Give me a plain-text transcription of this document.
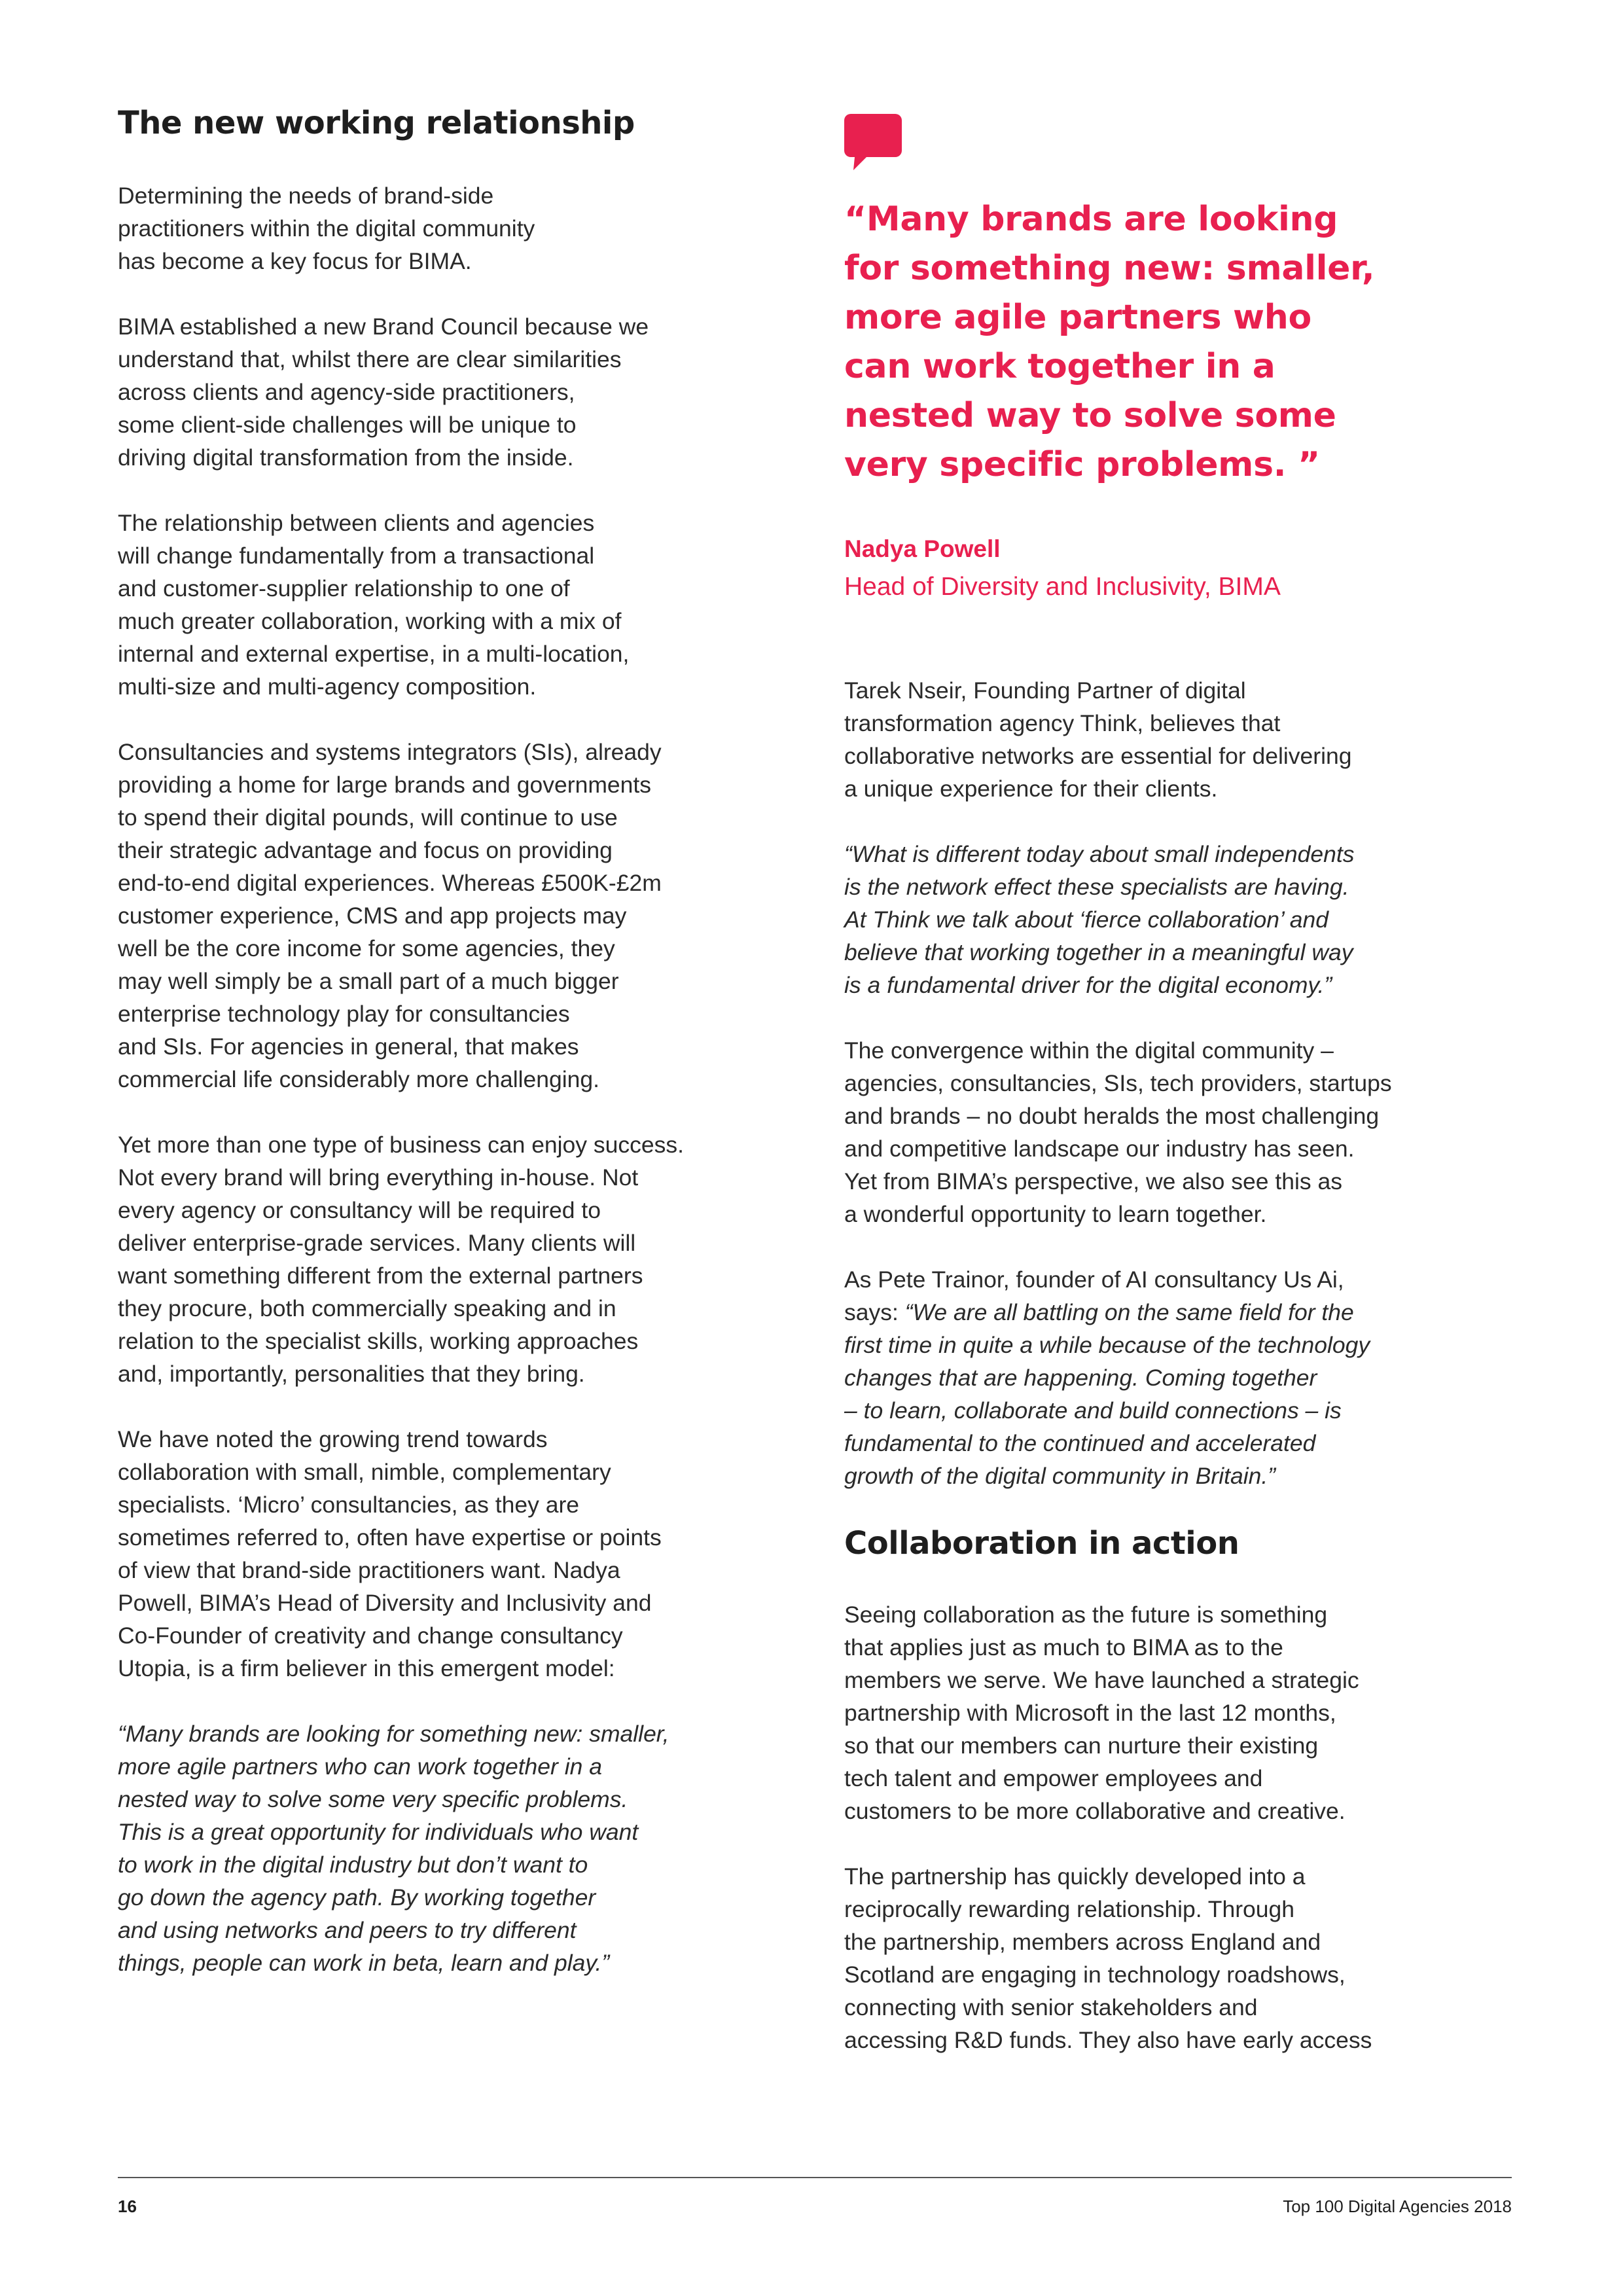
The new working relationship

Determining the needs of brand-side
practitioners within the digital community
has become a key focus for BIMA.

BIMA established a new Brand Council because we
understand that, whilst there are clear similarities
across clients and agency-side practitioners,
some client-side challenges will be unique to
driving digital transformation from the inside.

The relationship between clients and agencies
will change fundamentally from a transactional
and customer-supplier relationship to one of
much greater collaboration, working with a mix of
internal and external expertise, in a multi-location,
multi-size and multi-agency composition.

Consultancies and systems integrators (SIs), already
providing a home for large brands and governments
to spend their digital pounds, will continue to use
their strategic advantage and focus on providing
end-to-end digital experiences. Whereas £500K-£2m
customer experience, CMS and app projects may
well be the core income for some agencies, they
may well simply be a small part of a much bigger
enterprise technology play for consultancies
and SIs. For agencies in general, that makes
commercial life considerably more challenging.

Yet more than one type of business can enjoy success.
Not every brand will bring everything in-house. Not
every agency or consultancy will be required to
deliver enterprise-grade services. Many clients will
want something different from the external partners
they procure, both commercially speaking and in
relation to the specialist skills, working approaches
and, importantly, personalities that they bring.

We have noted the growing trend towards
collaboration with small, nimble, complementary
specialists. ‘Micro’ consultancies, as they are
sometimes referred to, often have expertise or points
of view that brand-side practitioners want. Nadya
Powell, BIMA’s Head of Diversity and Inclusivity and
Co-Founder of creativity and change consultancy
Utopia, is a firm believer in this emergent model:

“Many brands are looking for something new: smaller,
more agile partners who can work together in a
nested way to solve some very specific problems.
This is a great opportunity for individuals who want
to work in the digital industry but don’t want to
go down the agency path. By working together
and using networks and peers to try different
things, people can work in beta, learn and play.”

“Many brands are looking
for something new: smaller,
more agile partners who
can work together in a
nested way to solve some
very specific problems. ”

Nadya Powell

Head of Diversity and Inclusivity, BIMA

Tarek Nseir, Founding Partner of digital
transformation agency Think, believes that
collaborative networks are essential for delivering
a unique experience for their clients.

“What is different today about small independents
is the network effect these specialists are having.
At Think we talk about ‘fierce collaboration’ and
believe that working together in a meaningful way
is a fundamental driver for the digital economy.”

The convergence within the digital community –
agencies, consultancies, SIs, tech providers, startups
and brands – no doubt heralds the most challenging
and competitive landscape our industry has seen.
Yet from BIMA’s perspective, we also see this as
a wonderful opportunity to learn together.

As Pete Trainor, founder of AI consultancy Us Ai,
says: “We are all battling on the same field for the
first time in quite a while because of the technology
changes that are happening. Coming together
– to learn, collaborate and build connections – is
fundamental to the continued and accelerated
growth of the digital community in Britain.”

Collaboration in action

Seeing collaboration as the future is something
that applies just as much to BIMA as to the
members we serve. We have launched a strategic
partnership with Microsoft in the last 12 months,
so that our members can nurture their existing
tech talent and empower employees and
customers to be more collaborative and creative.

The partnership has quickly developed into a
reciprocally rewarding relationship. Through
the partnership, members across England and
Scotland are engaging in technology roadshows,
connecting with senior stakeholders and
accessing R&D funds. They also have early access

16	Top 100 Digital Agencies 2018
